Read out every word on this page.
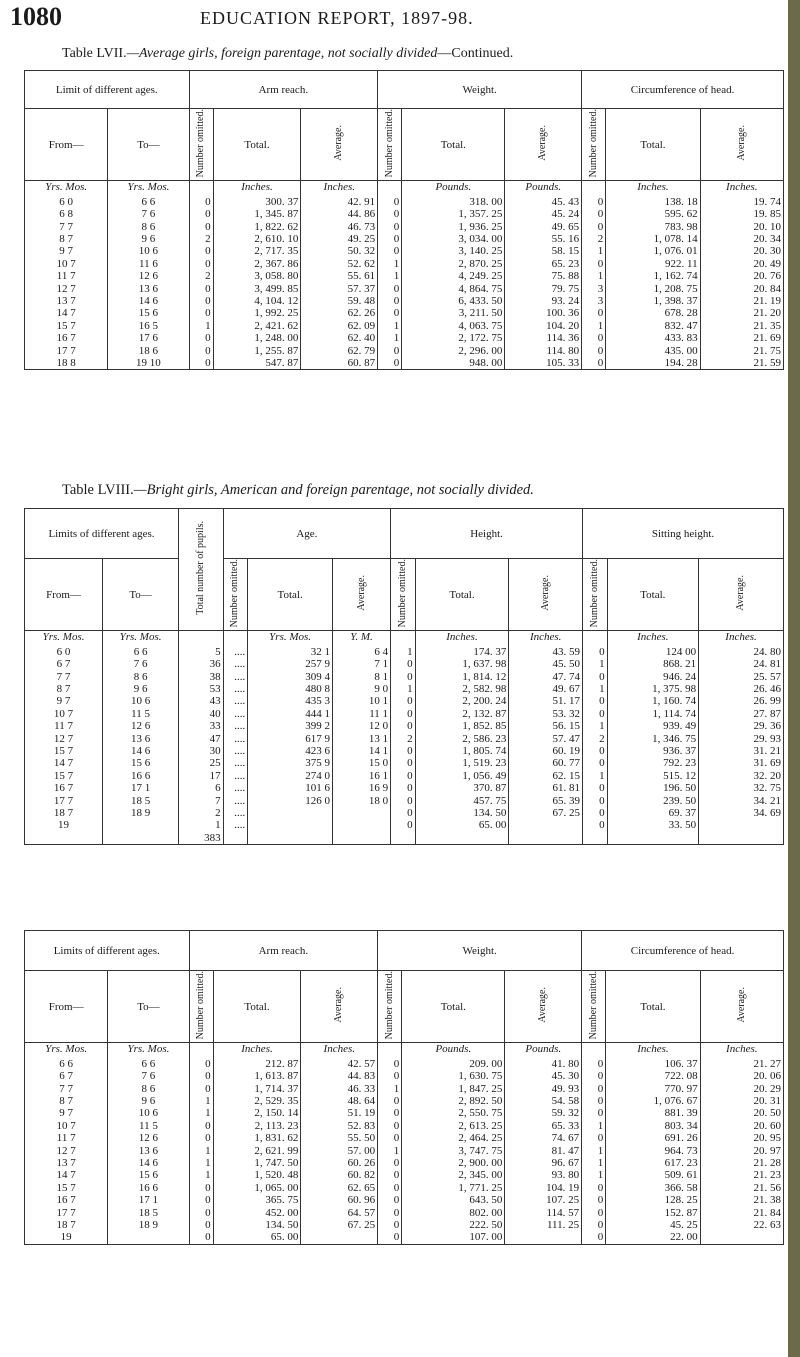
1080	EDUCATION REPORT, 1897-98.
Table LVII.—Average girls, foreign parentage, not socially divided—Continued.
Limit of different ages.		Arm reach.			Weight.			Circumference of head.		
From—	To—	Number omitted.	Total.	Average.	Number omitted.	Total.	Average.	Number omitted.	Total.	Average.
Yrs. Mos.	Yrs. Mos.		Inches.	Inches.		Pounds.	Pounds.		Inches.	Inches.
6 0	6 6	0	300. 37	42. 91	0	318. 00	45. 43	0	138. 18	19. 74
6 8	7 6	0	1, 345. 87	44. 86	0	1, 357. 25	45. 24	0	595. 62	19. 85
7 7	8 6	0	1, 822. 62	46. 73	0	1, 936. 25	49. 65	0	783. 98	20. 10
8 7	9 6	2	2, 610. 10	49. 25	0	3, 034. 00	55. 16	2	1, 078. 14	20. 34
9 7	10 6	0	2, 717. 35	50. 32	0	3, 140. 25	58. 15	1	1, 076. 01	20. 30
10 7	11 6	0	2, 367. 86	52. 62	1	2, 870. 25	65. 23	0	922. 11	20. 49
11 7	12 6	2	3, 058. 80	55. 61	1	4, 249. 25	75. 88	1	1, 162. 74	20. 76
12 7	13 6	0	3, 499. 85	57. 37	0	4, 864. 75	79. 75	3	1, 208. 75	20. 84
13 7	14 6	0	4, 104. 12	59. 48	0	6, 433. 50	93. 24	3	1, 398. 37	21. 19
14 7	15 6	0	1, 992. 25	62. 26	0	3, 211. 50	100. 36	0	678. 28	21. 20
15 7	16 5	1	2, 421. 62	62. 09	1	4, 063. 75	104. 20	1	832. 47	21. 35
16 7	17 6	0	1, 248. 00	62. 40	1	2, 172. 75	114. 36	0	433. 83	21. 69
17 7	18 6	0	1, 255. 87	62. 79	0	2, 296. 00	114. 80	0	435. 00	21. 75
18 8	19 10	0	547. 87	60. 87	0	948. 00	105. 33	0	194. 28	21. 59
Table LVIII.—Bright girls, American and foreign parentage, not socially divided.
Limits of different ages.		Total number of pupils.	Age.			Height.			Sitting height.		
From—	To—		Number omitted.	Total.	Average.	Number omitted.	Total.	Average.	Number omitted.	Total.	Average.
Yrs. Mos.	Yrs. Mos.			Yrs. Mos.	Y. M.		Inches.	Inches.		Inches.	Inches.
6 0	6 6	5	....	32 1	6 4	1	174. 37	43. 59	0	124 00	24. 80
6 7	7 6	36	....	257 9	7 1	0	1, 637. 98	45. 50	1	868. 21	24. 81
7 7	8 6	38	....	309 4	8 1	0	1, 814. 12	47. 74	0	946. 24	25. 57
8 7	9 6	53	....	480 8	9 0	1	2, 582. 98	49. 67	1	1, 375. 98	26. 46
9 7	10 6	43	....	435 3	10 1	0	2, 200. 24	51. 17	0	1, 160. 74	26. 99
10 7	11 5	40	....	444 1	11 1	0	2, 132. 87	53. 32	0	1, 114. 74	27. 87
11 7	12 6	33	....	399 2	12 0	0	1, 852. 85	56. 15	1	939. 49	29. 36
12 7	13 6	47	....	617 9	13 1	2	2, 586. 23	57. 47	2	1, 346. 75	29. 93
15 7	14 6	30	....	423 6	14 1	0	1, 805. 74	60. 19	0	936. 37	31. 21
14 7	15 6	25	....	375 9	15 0	0	1, 519. 23	60. 77	0	792. 23	31. 69
15 7	16 6	17	....	274 0	16 1	0	1, 056. 49	62. 15	1	515. 12	32. 20
16 7	17 1	6	....	101 6	16 9	0	370. 87	61. 81	0	196. 50	32. 75
17 7	18 5	7	....	126 0	18 0	0	457. 75	65. 39	0	239. 50	34. 21
18 7	18 9	2	....			0	134. 50	67. 25	0	69. 37	34. 69
19		1	....			0	65. 00		0	33. 50	
		383									
Limits of different ages.		Arm reach.			Weight.			Circumference of head.		
From—	To—	Number omitted.	Total.	Average.	Number omitted.	Total.	Average.	Number omitted.	Total.	Average.
Yrs. Mos.	Yrs. Mos.		Inches.	Inches.		Pounds.	Pounds.		Inches.	Inches.
6 6	6 6	0	212. 87	42. 57	0	209. 00	41. 80	0	106. 37	21. 27
6 7	7 6	0	1, 613. 87	44. 83	0	1, 630. 75	45. 30	0	722. 08	20. 06
7 7	8 6	0	1, 714. 37	46. 33	1	1, 847. 25	49. 93	0	770. 97	20. 29
8 7	9 6	1	2, 529. 35	48. 64	0	2, 892. 50	54. 58	0	1, 076. 67	20. 31
9 7	10 6	1	2, 150. 14	51. 19	0	2, 550. 75	59. 32	0	881. 39	20. 50
10 7	11 5	0	2, 113. 23	52. 83	0	2, 613. 25	65. 33	1	803. 34	20. 60
11 7	12 6	0	1, 831. 62	55. 50	0	2, 464. 25	74. 67	0	691. 26	20. 95
12 7	13 6	1	2, 621. 99	57. 00	1	3, 747. 75	81. 47	1	964. 73	20. 97
13 7	14 6	1	1, 747. 50	60. 26	0	2, 900. 00	96. 67	1	617. 23	21. 28
14 7	15 6	1	1, 520. 48	60. 82	0	2, 345. 00	93. 80	1	509. 61	21. 23
15 7	16 6	0	1, 065. 00	62. 65	0	1, 771. 25	104. 19	0	366. 58	21. 56
16 7	17 1	0	365. 75	60. 96	0	643. 50	107. 25	0	128. 25	21. 38
17 7	18 5	0	452. 00	64. 57	0	802. 00	114. 57	0	152. 87	21. 84
18 7	18 9	0	134. 50	67. 25	0	222. 50	111. 25	0	45. 25	22. 63
19		0	65. 00		0	107. 00		0	22. 00	
